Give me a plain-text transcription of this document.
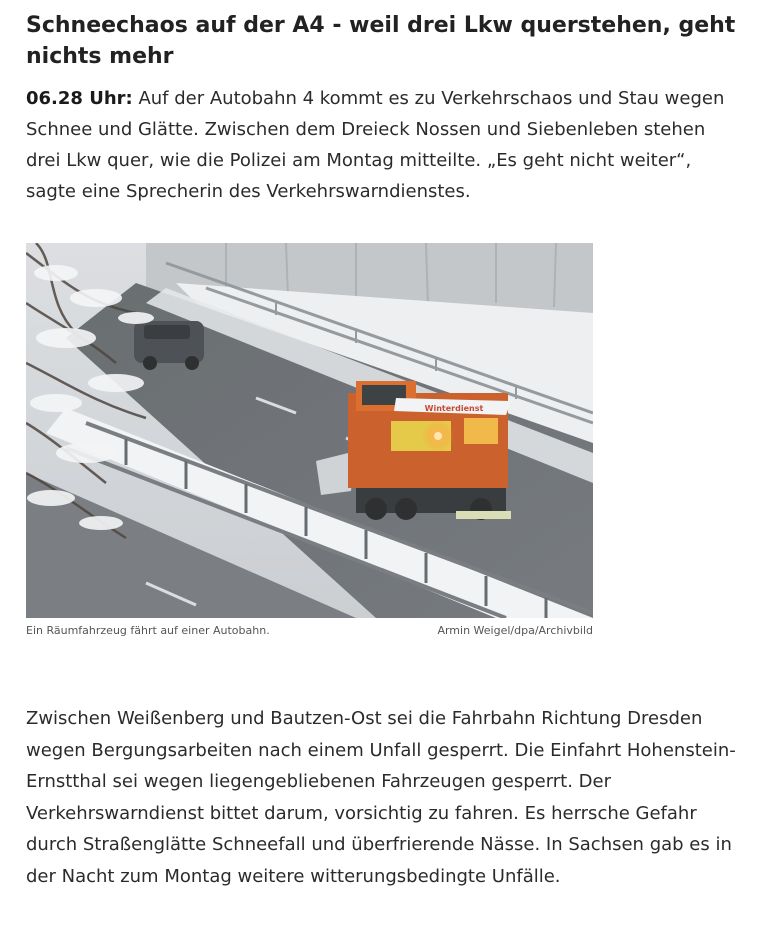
Schneechaos auf der A4 - weil drei Lkw querstehen, geht nichts mehr

06.28 Uhr: Auf der Autobahn 4 kommt es zu Verkehrschaos und Stau wegen Schnee und Glätte. Zwischen dem Dreieck Nossen und Siebenleben stehen drei Lkw quer, wie die Polizei am Montag mitteilte. „Es geht nicht weiter“, sagte eine Sprecherin des Verkehrswarndienstes.

Winterdienst
Ein Räumfahrzeug fährt auf einer Autobahn.	Armin Weigel/dpa/Archivbild

Zwischen Weißenberg und Bautzen-Ost sei die Fahrbahn Richtung Dresden wegen Bergungsarbeiten nach einem Unfall gesperrt. Die Einfahrt Hohenstein-Ernstthal sei wegen liegengebliebenen Fahrzeugen gesperrt. Der Verkehrswarndienst bittet darum, vorsichtig zu fahren. Es herrsche Gefahr durch Straßenglätte Schneefall und überfrierende Nässe. In Sachsen gab es in der Nacht zum Montag weitere witterungsbedingte Unfälle.
